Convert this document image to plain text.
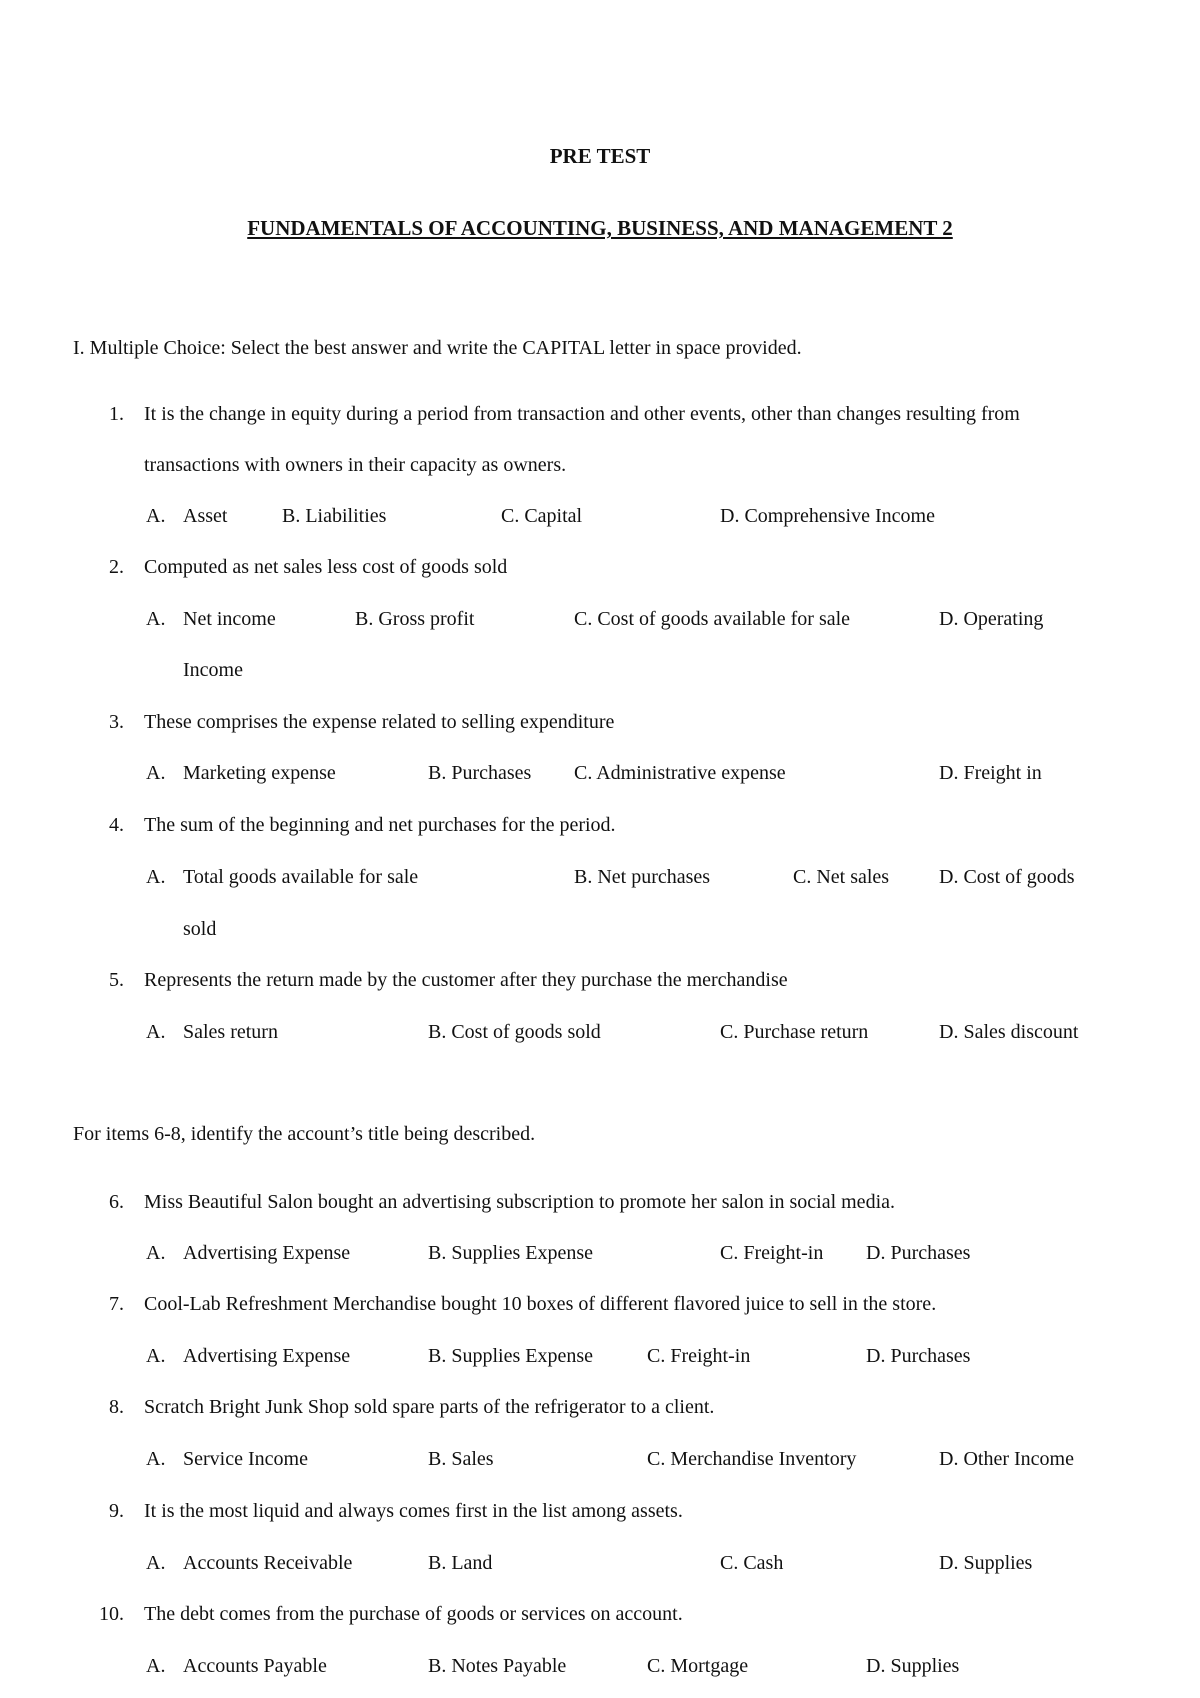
PRE TEST
FUNDAMENTALS OF ACCOUNTING, BUSINESS, AND MANAGEMENT 2
I. Multiple Choice: Select the best answer and write the CAPITAL letter in space provided.
1. It is the change in equity during a period from transaction and other events, other than changes resulting from
transactions with owners in their capacity as owners.
A. Asset	B. Liabilities	C. Capital	D. Comprehensive Income
2. Computed as net sales less cost of goods sold
A. Net income	B. Gross profit	C. Cost of goods available for sale	D. Operating
Income
3. These comprises the expense related to selling expenditure
A. Marketing expense	B. Purchases C. Administrative expense	D. Freight in
4. The sum of the beginning and net purchases for the period.
A. Total goods available for sale	B. Net purchases	C. Net sales D. Cost of goods
sold
5. Represents the return made by the customer after they purchase the merchandise
A. Sales return	B. Cost of goods sold	C. Purchase return	D. Sales discount
For items 6-8, identify the account’s title being described.
6. Miss Beautiful Salon bought an advertising subscription to promote her salon in social media.
A. Advertising Expense	B. Supplies Expense	C. Freight-in D. Purchases
7. Cool-Lab Refreshment Merchandise bought 10 boxes of different flavored juice to sell in the store.
A. Advertising Expense	B. Supplies Expense	C. Freight-in	D. Purchases
8. Scratch Bright Junk Shop sold spare parts of the refrigerator to a client.
A. Service Income	B. Sales	C. Merchandise Inventory	D. Other Income
9. It is the most liquid and always comes first in the list among assets.
A. Accounts Receivable	B. Land	C. Cash	D. Supplies
10. The debt comes from the purchase of goods or services on account.
A. Accounts Payable	B. Notes Payable	C. Mortgage	D. Supplies
